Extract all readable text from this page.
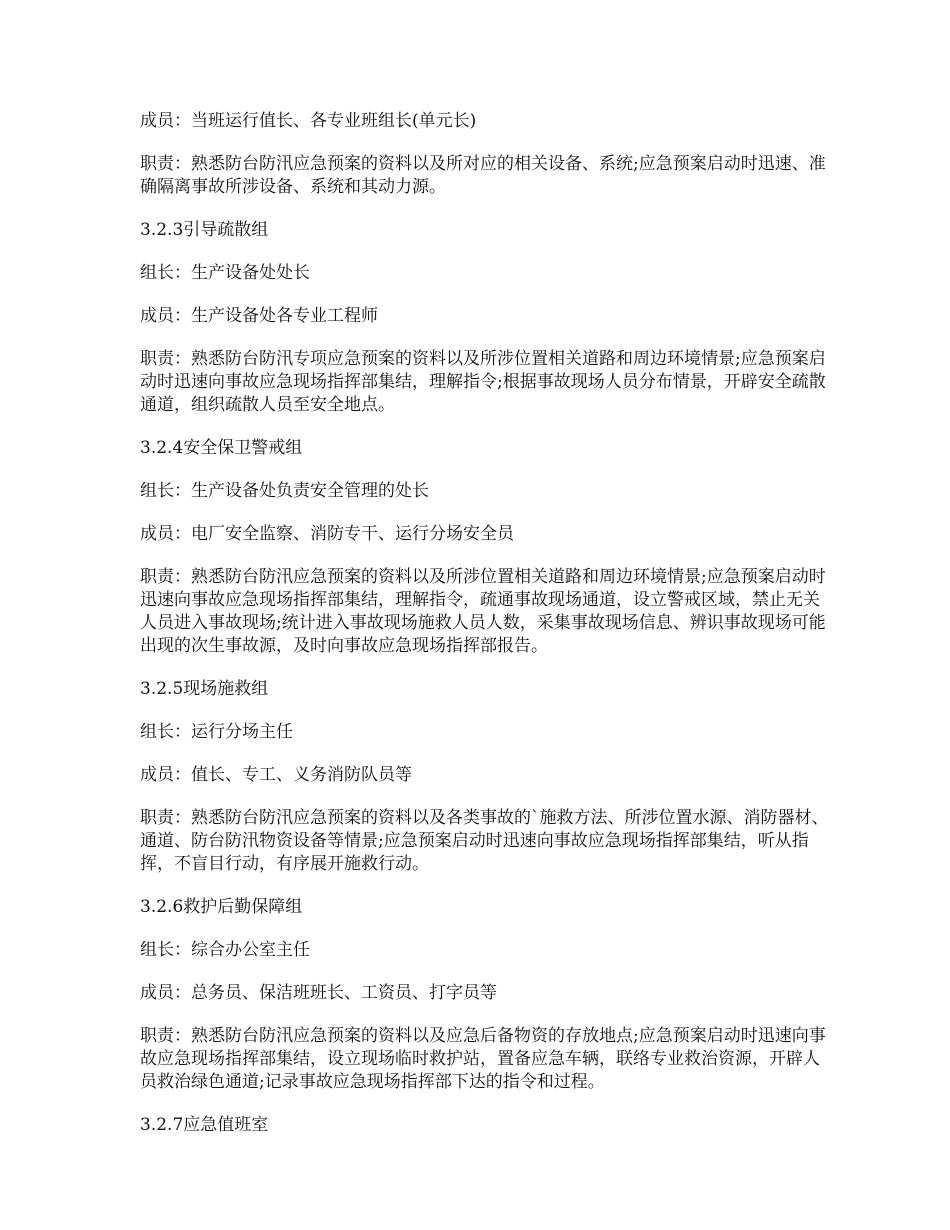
成员：当班运行值长、各专业班组长(单元长)

职责：熟悉防台防汛应急预案的资料以及所对应的相关设备、系统;应急预案启动时迅速、准确隔离事故所涉设备、系统和其动力源。

3.2.3引导疏散组

组长：生产设备处处长

成员：生产设备处各专业工程师

职责：熟悉防台防汛专项应急预案的资料以及所涉位置相关道路和周边环境情景;应急预案启动时迅速向事故应急现场指挥部集结，理解指令;根据事故现场人员分布情景，开辟安全疏散通道，组织疏散人员至安全地点。

3.2.4安全保卫警戒组

组长：生产设备处负责安全管理的处长

成员：电厂安全监察、消防专干、运行分场安全员

职责：熟悉防台防汛应急预案的资料以及所涉位置相关道路和周边环境情景;应急预案启动时迅速向事故应急现场指挥部集结，理解指令，疏通事故现场通道，设立警戒区域，禁止无关人员进入事故现场;统计进入事故现场施救人员人数，采集事故现场信息、辨识事故现场可能出现的次生事故源，及时向事故应急现场指挥部报告。

3.2.5现场施救组

组长：运行分场主任

成员：值长、专工、义务消防队员等

职责：熟悉防台防汛应急预案的资料以及各类事故的`施救方法、所涉位置水源、消防器材、通道、防台防汛物资设备等情景;应急预案启动时迅速向事故应急现场指挥部集结，听从指挥，不盲目行动，有序展开施救行动。

3.2.6救护后勤保障组

组长：综合办公室主任

成员：总务员、保洁班班长、工资员、打字员等

职责：熟悉防台防汛应急预案的资料以及应急后备物资的存放地点;应急预案启动时迅速向事故应急现场指挥部集结，设立现场临时救护站，置备应急车辆，联络专业救治资源，开辟人员救治绿色通道;记录事故应急现场指挥部下达的指令和过程。

3.2.7应急值班室
